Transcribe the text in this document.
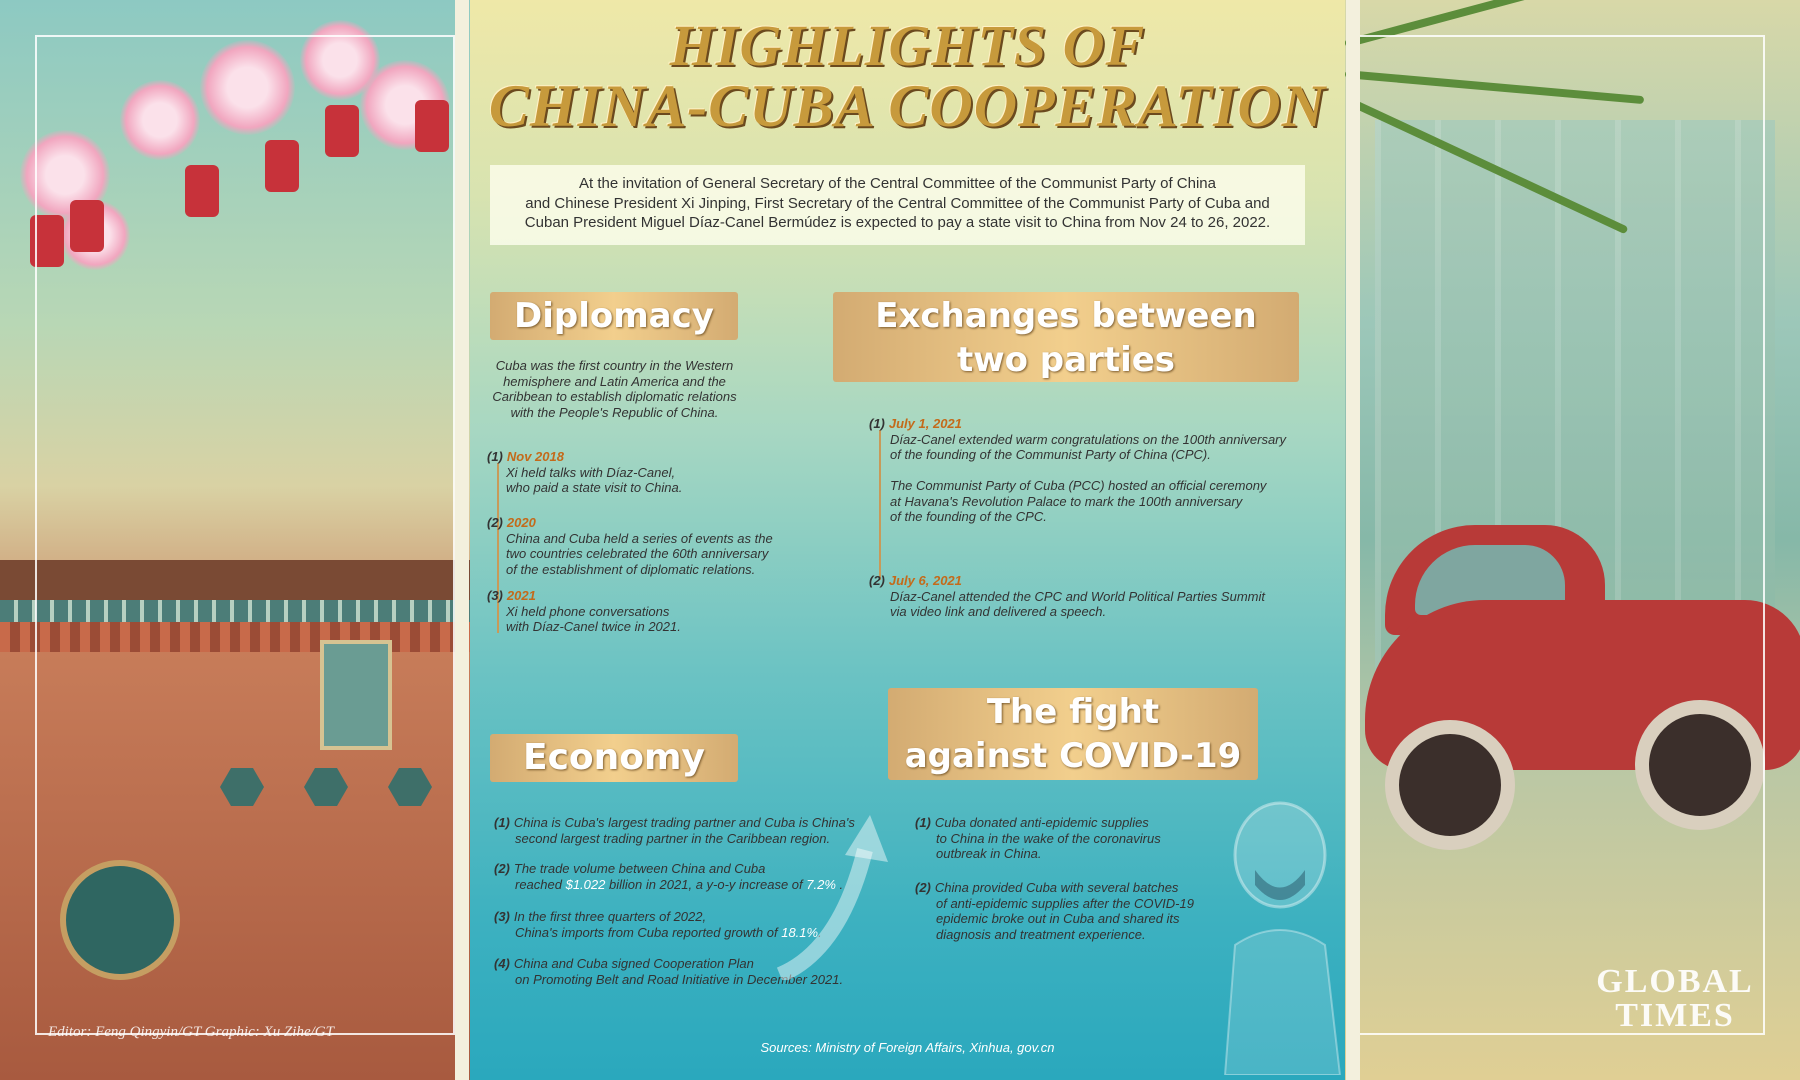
HIGHLIGHTS OF
CHINA-CUBA COOPERATION
At the invitation of General Secretary of the Central Committee of the Communist Party of China
and Chinese President Xi Jinping, First Secretary of the Central Committee of the Communist Party of Cuba and
Cuban President Miguel Díaz-Canel Bermúdez is expected to pay a state visit to China from Nov 24 to 26, 2022.
Diplomacy
Cuba was the first country in the Western
hemisphere and Latin America and the
Caribbean to establish diplomatic relations
with the People's Republic of China.
(1) Nov 2018
Xi held talks with Díaz-Canel,
who paid a state visit to China.
(2) 2020
China and Cuba held a series of events as the
two countries celebrated the 60th anniversary
of the establishment of diplomatic relations.
(3) 2021
Xi held phone conversations
with Díaz-Canel twice in 2021.
Exchanges between
two parties
(1) July 1, 2021
Díaz-Canel extended warm congratulations on the 100th anniversary
of the founding of the Communist Party of China (CPC).
The Communist Party of Cuba (PCC) hosted an official ceremony
at Havana's Revolution Palace to mark the 100th anniversary
of the founding of the CPC.
(2) July 6, 2021
Díaz-Canel attended the CPC and World Political Parties Summit
via video link and delivered a speech.
Economy
(1) China is Cuba's largest trading partner and Cuba is China's
second largest trading partner in the Caribbean region.
(2) The trade volume between China and Cuba
reached $1.022 billion in 2021, a y-o-y increase of 7.2% .
(3) In the first three quarters of 2022,
China's imports from Cuba reported growth of 18.1%.
(4) China and Cuba signed Cooperation Plan
on Promoting Belt and Road Initiative in December 2021.
The fight
against COVID-19
(1) Cuba donated anti-epidemic supplies
to China in the wake of the coronavirus
outbreak in China.
(2) China provided Cuba with several batches
of anti-epidemic supplies after the COVID-19
epidemic broke out in Cuba and shared its
diagnosis and treatment experience.
Sources: Ministry of Foreign Affairs, Xinhua, gov.cn
Editor: Feng Qingyin/GT Graphic: Xu Zihe/GT
GLOBAL
TIMES
